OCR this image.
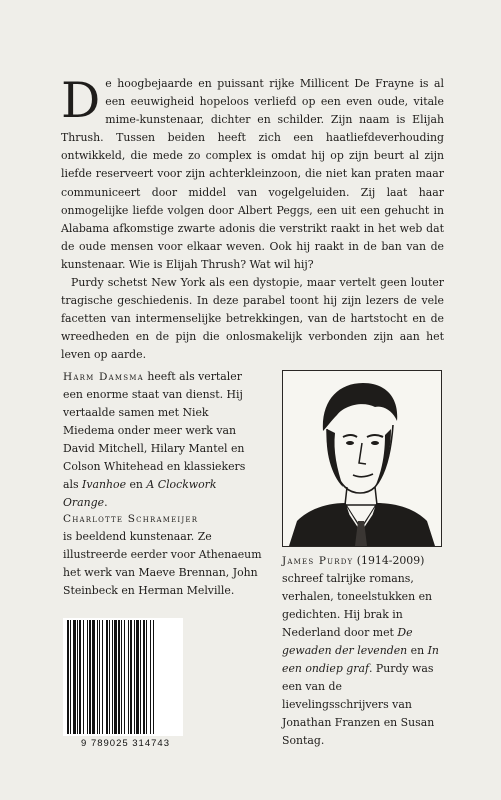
De hoogbejaarde en puissant rijke Millicent De Frayne is al een eeuwigheid hopeloos verliefd op een even oude, vitale mime-kunstenaar, dichter en schilder. Zijn naam is Elijah Thrush. Tussen beiden heeft zich een haatliefdeverhouding ontwikkeld, die mede zo complex is omdat hij op zijn beurt al zijn liefde reserveert voor zijn achterkleinzoon, die niet kan praten maar communiceert door middel van vogelgeluiden. Zij laat haar onmogelijke liefde volgen door Albert Peggs, een uit een gehucht in Alabama afkomstige zwarte adonis die verstrikt raakt in het web dat de oude mensen voor elkaar weven. Ook hij raakt in de ban van de kunstenaar. Wie is Elijah Thrush? Wat wil hij?

Purdy schetst New York als een dystopie, maar vertelt geen louter tragische geschiedenis. In deze parabel toont hij zijn lezers de vele facetten van intermenselijke betrekkingen, van de hartstocht en de wreedheden en de pijn die onlosmakelijk verbonden zijn aan het leven op aarde.

Harm Damsma heeft als vertaler een enorme staat van dienst. Hij vertaalde samen met Niek Miedema onder meer werk van David Mitchell, Hilary Mantel en Colson Whitehead en klassiekers als Ivanhoe en A Clockwork Orange.

Charlotte Schrameijer
is beeldend kunstenaar. Ze illustreerde eerder voor Athenaeum het werk van Maeve Brennan, John Steinbeck en Herman Melville.

James Purdy (1914-2009) schreef talrijke romans, verhalen, toneelstukken en gedichten. Hij brak in Nederland door met De gewaden der levenden en In een ondiep graf. Purdy was een van de lievelingsschrijvers van Jonathan Franzen en Susan Sontag.

9 789025 314743
